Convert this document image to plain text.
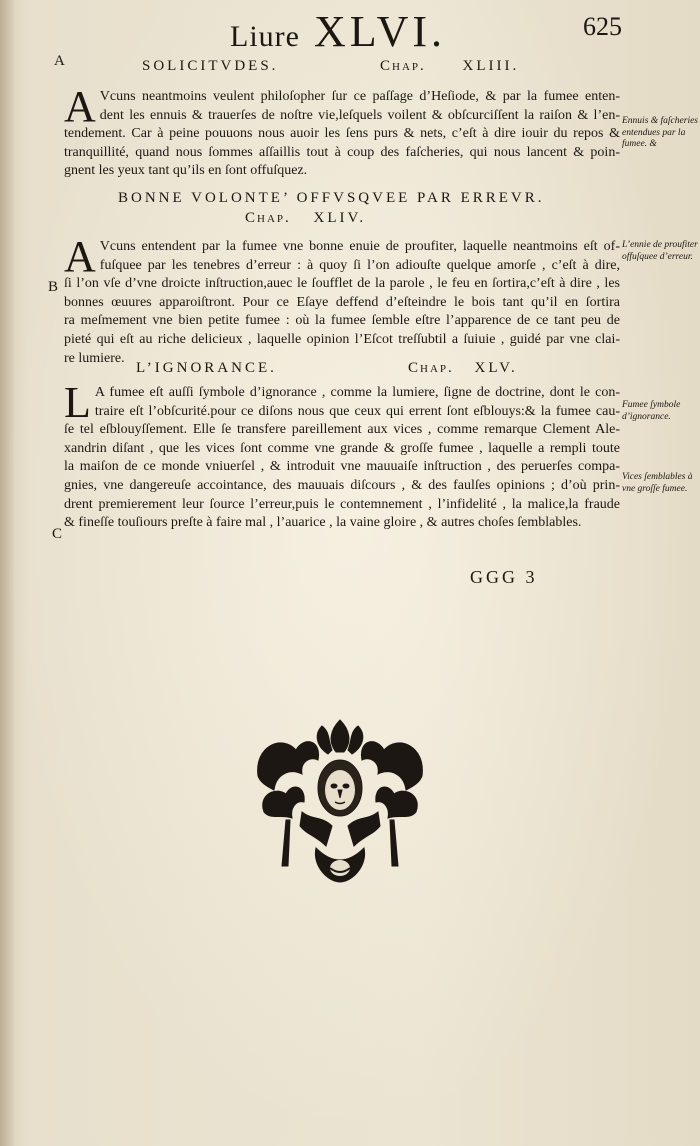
Liure XLVI.	625
A
B
C
SOLICITVDES.	Chap. XLIII.
A Vcuns neantmoins veulent philoſopher ſur ce paſſage d’Heſiode, & par la fumee enten-
dent les ennuis & trauerſes de noſtre vie,leſquels voilent & obſcurciſſent la raiſon & l’en-
tendement. Car à peine pouuons nous auoir les ſens purs & nets, c’eſt à dire iouir du repos &
tranquillité, quand nous ſommes aſſaillis tout à coup des faſcheries, qui nous lancent & poin-
gnent les yeux tant qu’ils en ſont offuſquez.
Ennuis & faſcheries entendues par la fumee. &
BONNE VOLONTE’ OFFVSQVEE PAR ERREVR.
Chap. XLIV.
A Vcuns entendent par la fumee vne bonne enuie de proufiter, laquelle neantmoins eſt of-
fuſquee par les tenebres d’erreur : à quoy ſi l’on adiouſte quelque amorſe , c’eſt à dire,
ſi l’on vſe d’vne droicte inſtruction,auec le ſoufflet de la parole , le feu en ſortira,c’eſt à dire , les
bonnes œuures apparoiſtront. Pour ce Eſaye deffend d’eſteindre le bois tant qu’il en ſortira
ra meſmement vne bien petite fumee : où la fumee ſemble eſtre l’apparence de ce tant peu de
pieté qui eſt au riche delicieux , laquelle opinion l’Eſcot treſſubtil a ſuiuie , guidé par vne clai-
re lumiere.
L’ennie de proufiter offuſquee d’erreur.
L’IGNORANCE.	Chap. XLV.
L A fumee eſt auſſi ſymbole d’ignorance , comme la lumiere, ſigne de doctrine, dont le con-
traire eſt l’obſcurité.pour ce diſons nous que ceux qui errent ſont eſblouys:& la fumee cau-
ſe tel eſblouyſſement. Elle ſe transfere pareillement aux vices , comme remarque Clement Ale-
xandrin diſant , que les vices ſont comme vne grande & groſſe fumee , laquelle a rempli toute
la maiſon de ce monde vniuerſel , & introduit vne mauuaiſe inſtruction , des peruerſes compa-
gnies, vne dangereuſe accointance, des mauuais diſcours , & des faulſes opinions ; d’où prin-
drent premierement leur ſource l’erreur,puis le contemnement , l’infidelité , la malice,la fraude
& fineſſe touſiours preſte à faire mal , l’auarice , la vaine gloire , & autres choſes ſemblables.
Fumee ſymbole d’ignorance.
Vices ſemblables à vne groſſe fumee.
GGG 3
